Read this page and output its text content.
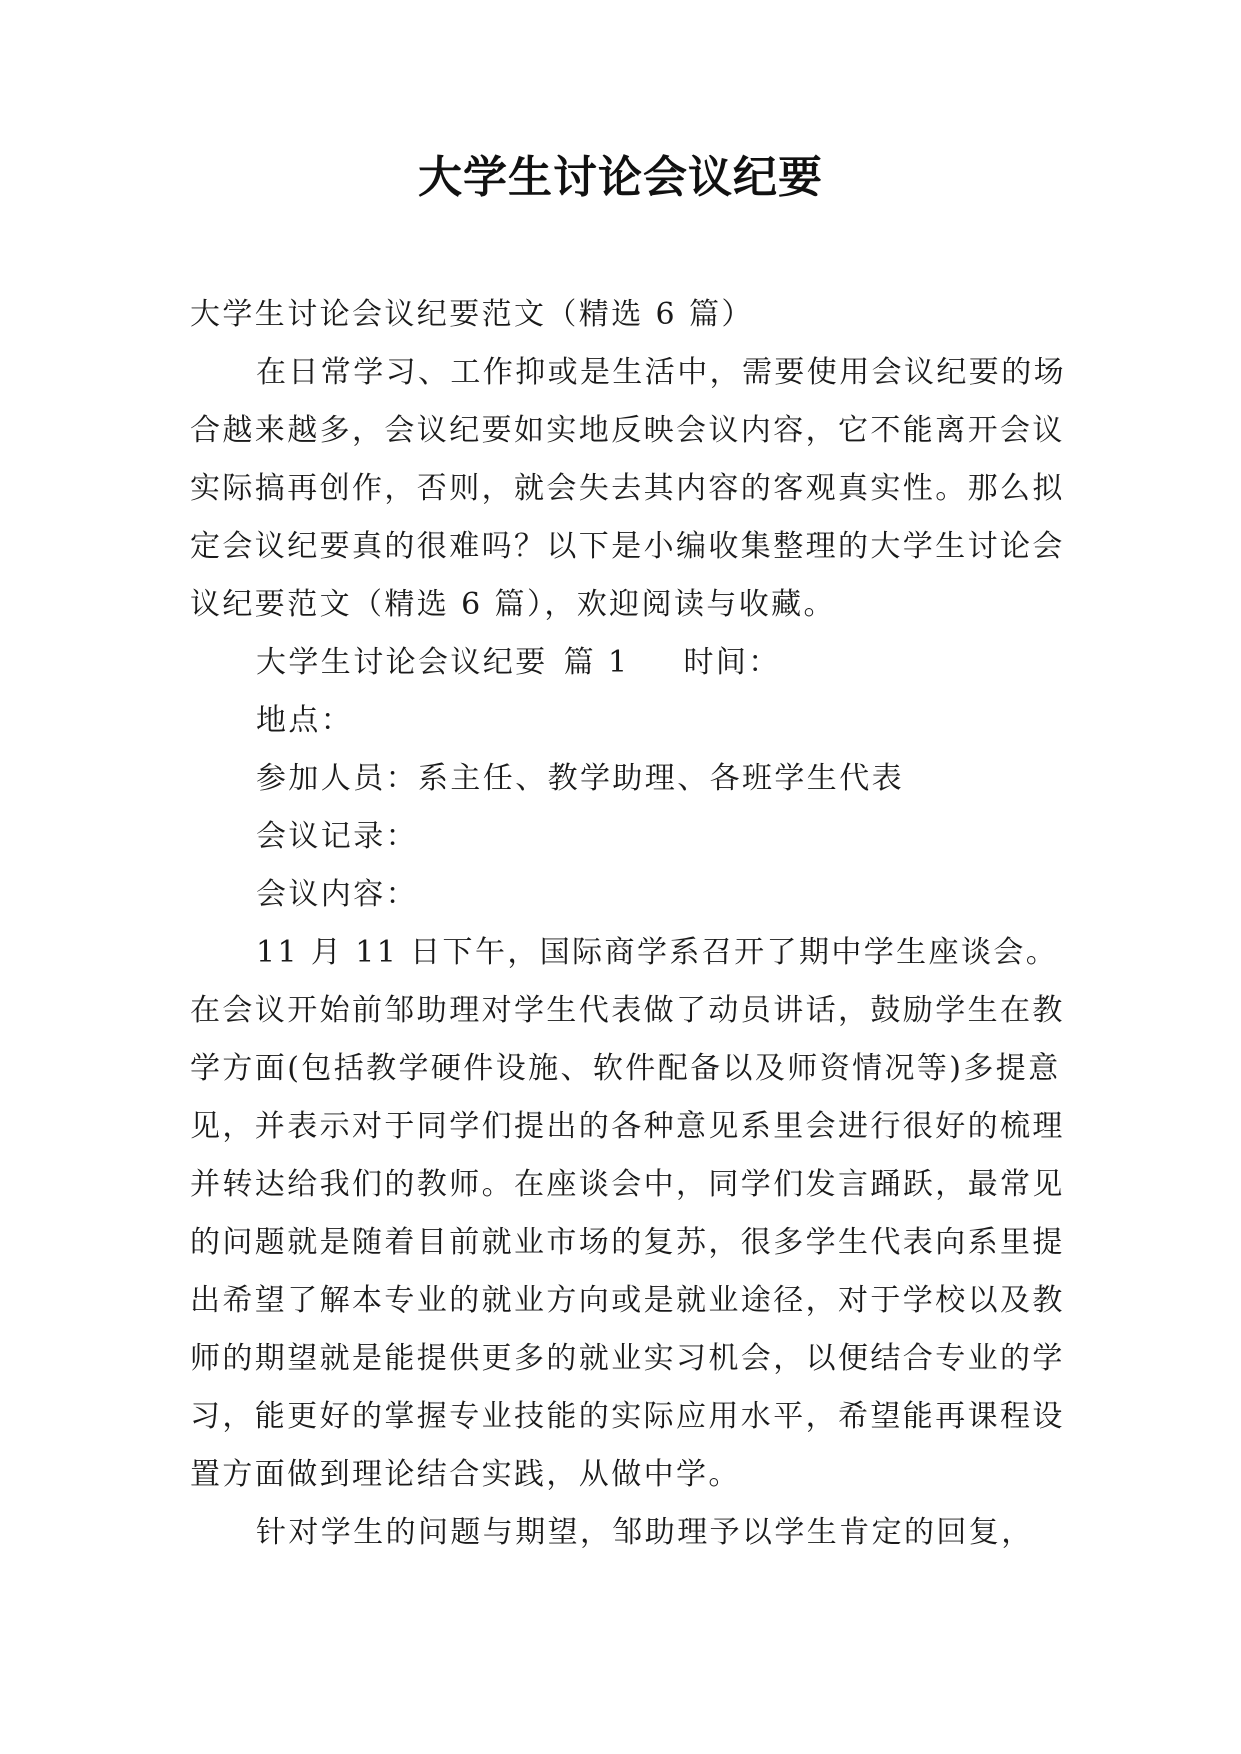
大学生讨论会议纪要

大学生讨论会议纪要范文（精选 6 篇）

在日常学习、工作抑或是生活中，需要使用会议纪要的场合越来越多，会议纪要如实地反映会议内容，它不能离开会议实际搞再创作，否则，就会失去其内容的客观真实性。那么拟定会议纪要真的很难吗？以下是小编收集整理的大学生讨论会议纪要范文（精选 6 篇），欢迎阅读与收藏。

大学生讨论会议纪要 篇 1 时间：

地点：

参加人员：系主任、教学助理、各班学生代表

会议记录：

会议内容：

11 月 11 日下午，国际商学系召开了期中学生座谈会。在会议开始前邹助理对学生代表做了动员讲话，鼓励学生在教学方面(包括教学硬件设施、软件配备以及师资情况等)多提意见，并表示对于同学们提出的各种意见系里会进行很好的梳理并转达给我们的教师。在座谈会中，同学们发言踊跃，最常见的问题就是随着目前就业市场的复苏，很多学生代表向系里提出希望了解本专业的就业方向或是就业途径，对于学校以及教师的期望就是能提供更多的就业实习机会，以便结合专业的学习，能更好的掌握专业技能的实际应用水平，希望能再课程设置方面做到理论结合实践，从做中学。

针对学生的问题与期望，邹助理予以学生肯定的回复，
